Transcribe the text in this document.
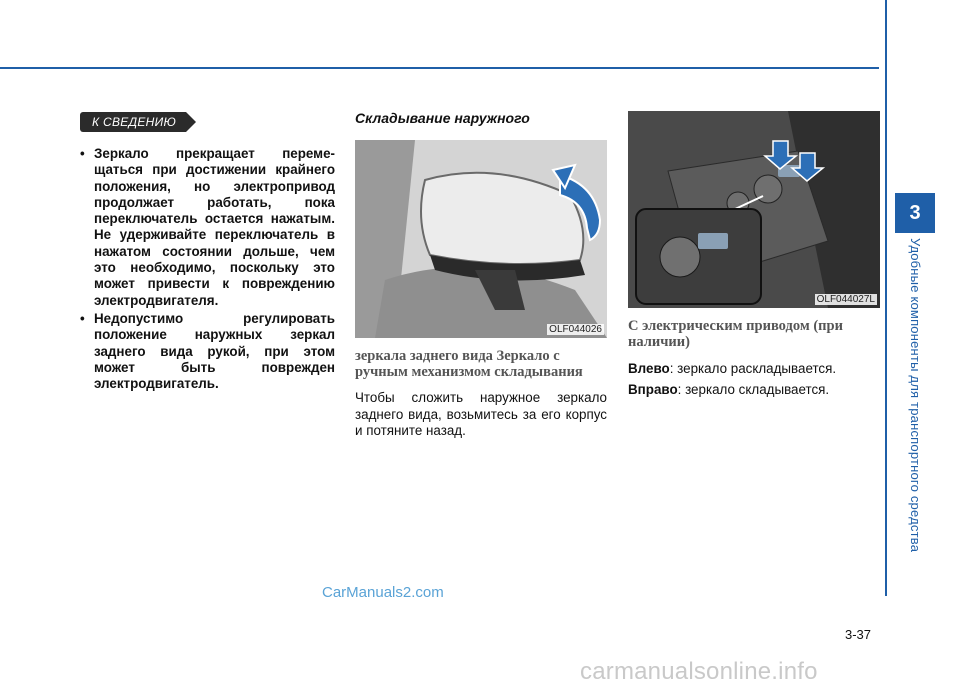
3
Удобные компоненты для транспортного средства
К СВЕДЕНИЮ
• Зеркало прекращает переме-щаться при достижении крайнего положения, но электропривод продолжает работать, пока переключатель остается нажатым. Не удерживайте переключатель в нажатом состоянии дольше, чем это необходимо, поскольку это может привести к повреждению электродвигателя.
• Недопустимо регулировать положение наружных зеркал заднего вида рукой, при этом может быть поврежден электродвигатель.
Складывание наружного
OLF044026
зеркала заднего вида Зеркало с ручным механизмом складывания

Чтобы сложить наружное зеркало заднего вида, возьмитесь за его корпус и потяните назад.

OLF044027L
С электрическим приводом (при наличии)

Влево: зеркало раскладывается.

Вправо: зеркало складывается.

CarManuals2.com
3-37
carmanualsonline.info
